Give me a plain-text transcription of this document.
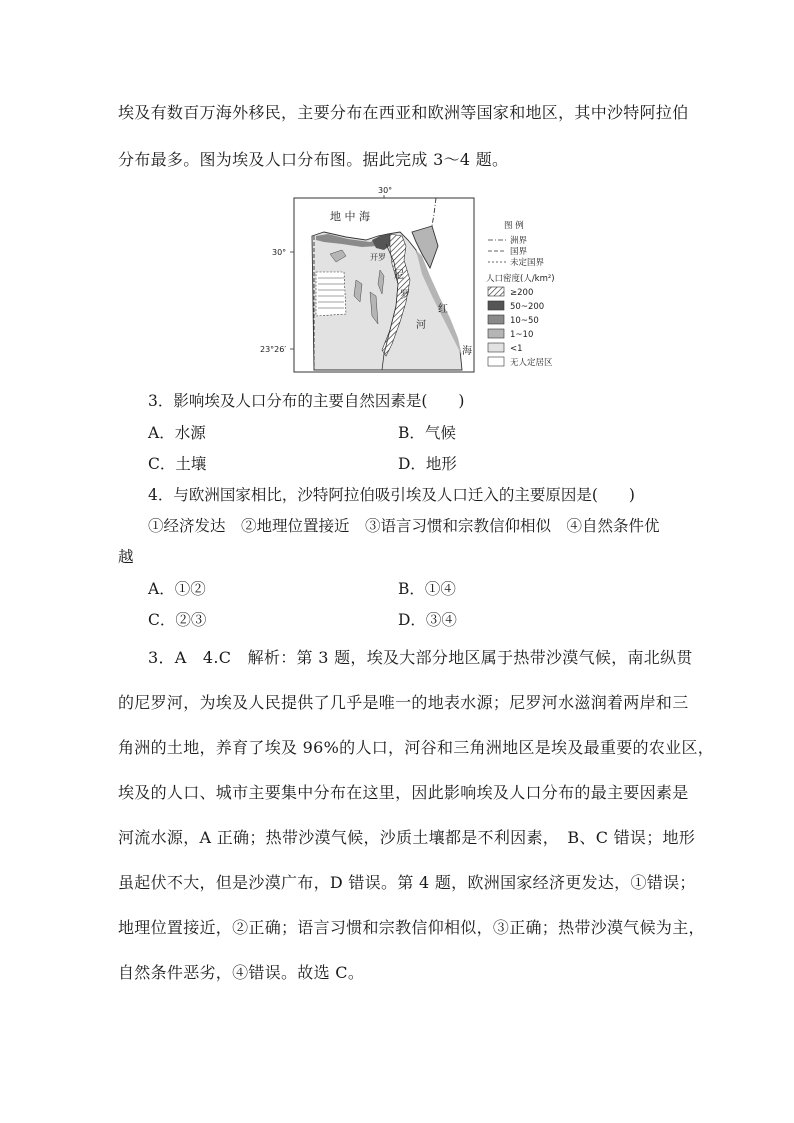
埃及有数百万海外移民，主要分布在西亚和欧洲等国家和地区，其中沙特阿拉伯
分布最多。图为埃及人口分布图。据此完成 3～4 题。
30°
30°
23°26′
地 中 海
开罗
尼
罗
河
红
海
图 例
洲界
国界
未定国界
人口密度(人/km²)
≥200
50~200
10~50
1~10
<1
无人定居区
3．影响埃及人口分布的主要自然因素是(　　)
A．水源	B．气候
C．土壤	D．地形
4．与欧洲国家相比，沙特阿拉伯吸引埃及人口迁入的主要原因是(　　)
①经济发达　②地理位置接近　③语言习惯和宗教信仰相似　④自然条件优
越
A．①②	B．①④
C．②③	D．③④
3．A　4.C　解析：第 3 题，埃及大部分地区属于热带沙漠气候，南北纵贯
的尼罗河，为埃及人民提供了几乎是唯一的地表水源；尼罗河水滋润着两岸和三
角洲的土地，养育了埃及 96%的人口，河谷和三角洲地区是埃及最重要的农业区，
埃及的人口、城市主要集中分布在这里，因此影响埃及人口分布的最主要因素是
河流水源，A 正确；热带沙漠气候，沙质土壤都是不利因素，　B、C 错误；地形
虽起伏不大，但是沙漠广布，D 错误。第 4 题，欧洲国家经济更发达，①错误；
地理位置接近，②正确；语言习惯和宗教信仰相似，③正确；热带沙漠气候为主，
自然条件恶劣，④错误。故选 C。
